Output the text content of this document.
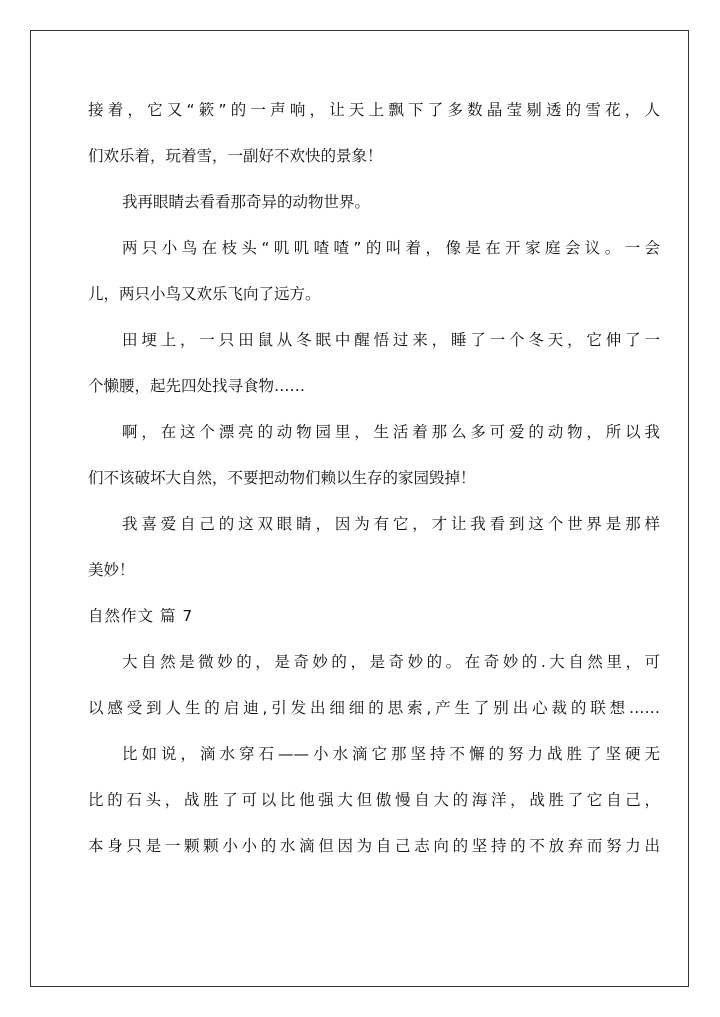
接着，它又“簌”的一声响，让天上飘下了多数晶莹剔透的雪花，人
们欢乐着，玩着雪，一副好不欢快的景象！
我再眼睛去看看那奇异的动物世界。
两只小鸟在枝头“叽叽喳喳”的叫着，像是在开家庭会议。一会
儿，两只小鸟又欢乐飞向了远方。
田埂上，一只田鼠从冬眠中醒悟过来，睡了一个冬天，它伸了一
个懒腰，起先四处找寻食物……
啊，在这个漂亮的动物园里，生活着那么多可爱的动物，所以我
们不该破坏大自然，不要把动物们赖以生存的家园毁掉！
我喜爱自己的这双眼睛，因为有它，才让我看到这个世界是那样
美妙！
自然作文 篇 7
大自然是微妙的，是奇妙的，是奇妙的。在奇妙的.大自然里，可
以感受到人生的启迪,引发出细细的思索,产生了别出心裁的联想……
比如说，滴水穿石——小水滴它那坚持不懈的努力战胜了坚硬无
比的石头，战胜了可以比他强大但傲慢自大的海洋，战胜了它自己，
本身只是一颗颗小小的水滴但因为自己志向的坚持的不放弃而努力出
